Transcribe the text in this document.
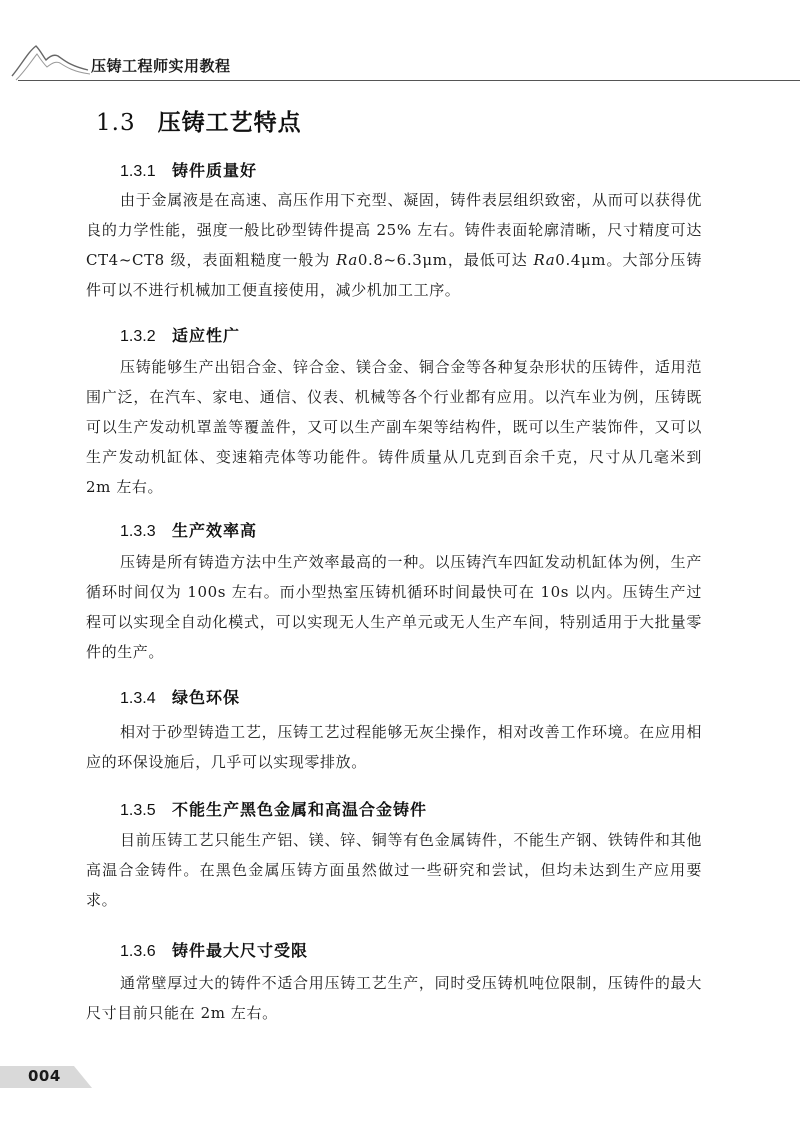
压铸工程师实用教程
1.3 压铸工艺特点
1.3.1 铸件质量好

由于金属液是在高速、高压作用下充型、凝固，铸件表层组织致密，从而可以获得优良的力学性能，强度一般比砂型铸件提高 25% 左右。铸件表面轮廓清晰，尺寸精度可达 CT4~CT8 级，表面粗糙度一般为 Ra0.8~6.3μm，最低可达 Ra0.4μm。大部分压铸件可以不进行机械加工便直接使用，减少机加工工序。

1.3.2 适应性广

压铸能够生产出铝合金、锌合金、镁合金、铜合金等各种复杂形状的压铸件，适用范围广泛，在汽车、家电、通信、仪表、机械等各个行业都有应用。以汽车业为例，压铸既可以生产发动机罩盖等覆盖件，又可以生产副车架等结构件，既可以生产装饰件，又可以生产发动机缸体、变速箱壳体等功能件。铸件质量从几克到百余千克，尺寸从几毫米到 2m 左右。

1.3.3 生产效率高

压铸是所有铸造方法中生产效率最高的一种。以压铸汽车四缸发动机缸体为例，生产循环时间仅为 100s 左右。而小型热室压铸机循环时间最快可在 10s 以内。压铸生产过程可以实现全自动化模式，可以实现无人生产单元或无人生产车间，特别适用于大批量零件的生产。

1.3.4 绿色环保

相对于砂型铸造工艺，压铸工艺过程能够无灰尘操作，相对改善工作环境。在应用相应的环保设施后，几乎可以实现零排放。

1.3.5 不能生产黑色金属和高温合金铸件

目前压铸工艺只能生产铝、镁、锌、铜等有色金属铸件，不能生产钢、铁铸件和其他高温合金铸件。在黑色金属压铸方面虽然做过一些研究和尝试，但均未达到生产应用要求。

1.3.6 铸件最大尺寸受限

通常壁厚过大的铸件不适合用压铸工艺生产，同时受压铸机吨位限制，压铸件的最大尺寸目前只能在 2m 左右。

004
